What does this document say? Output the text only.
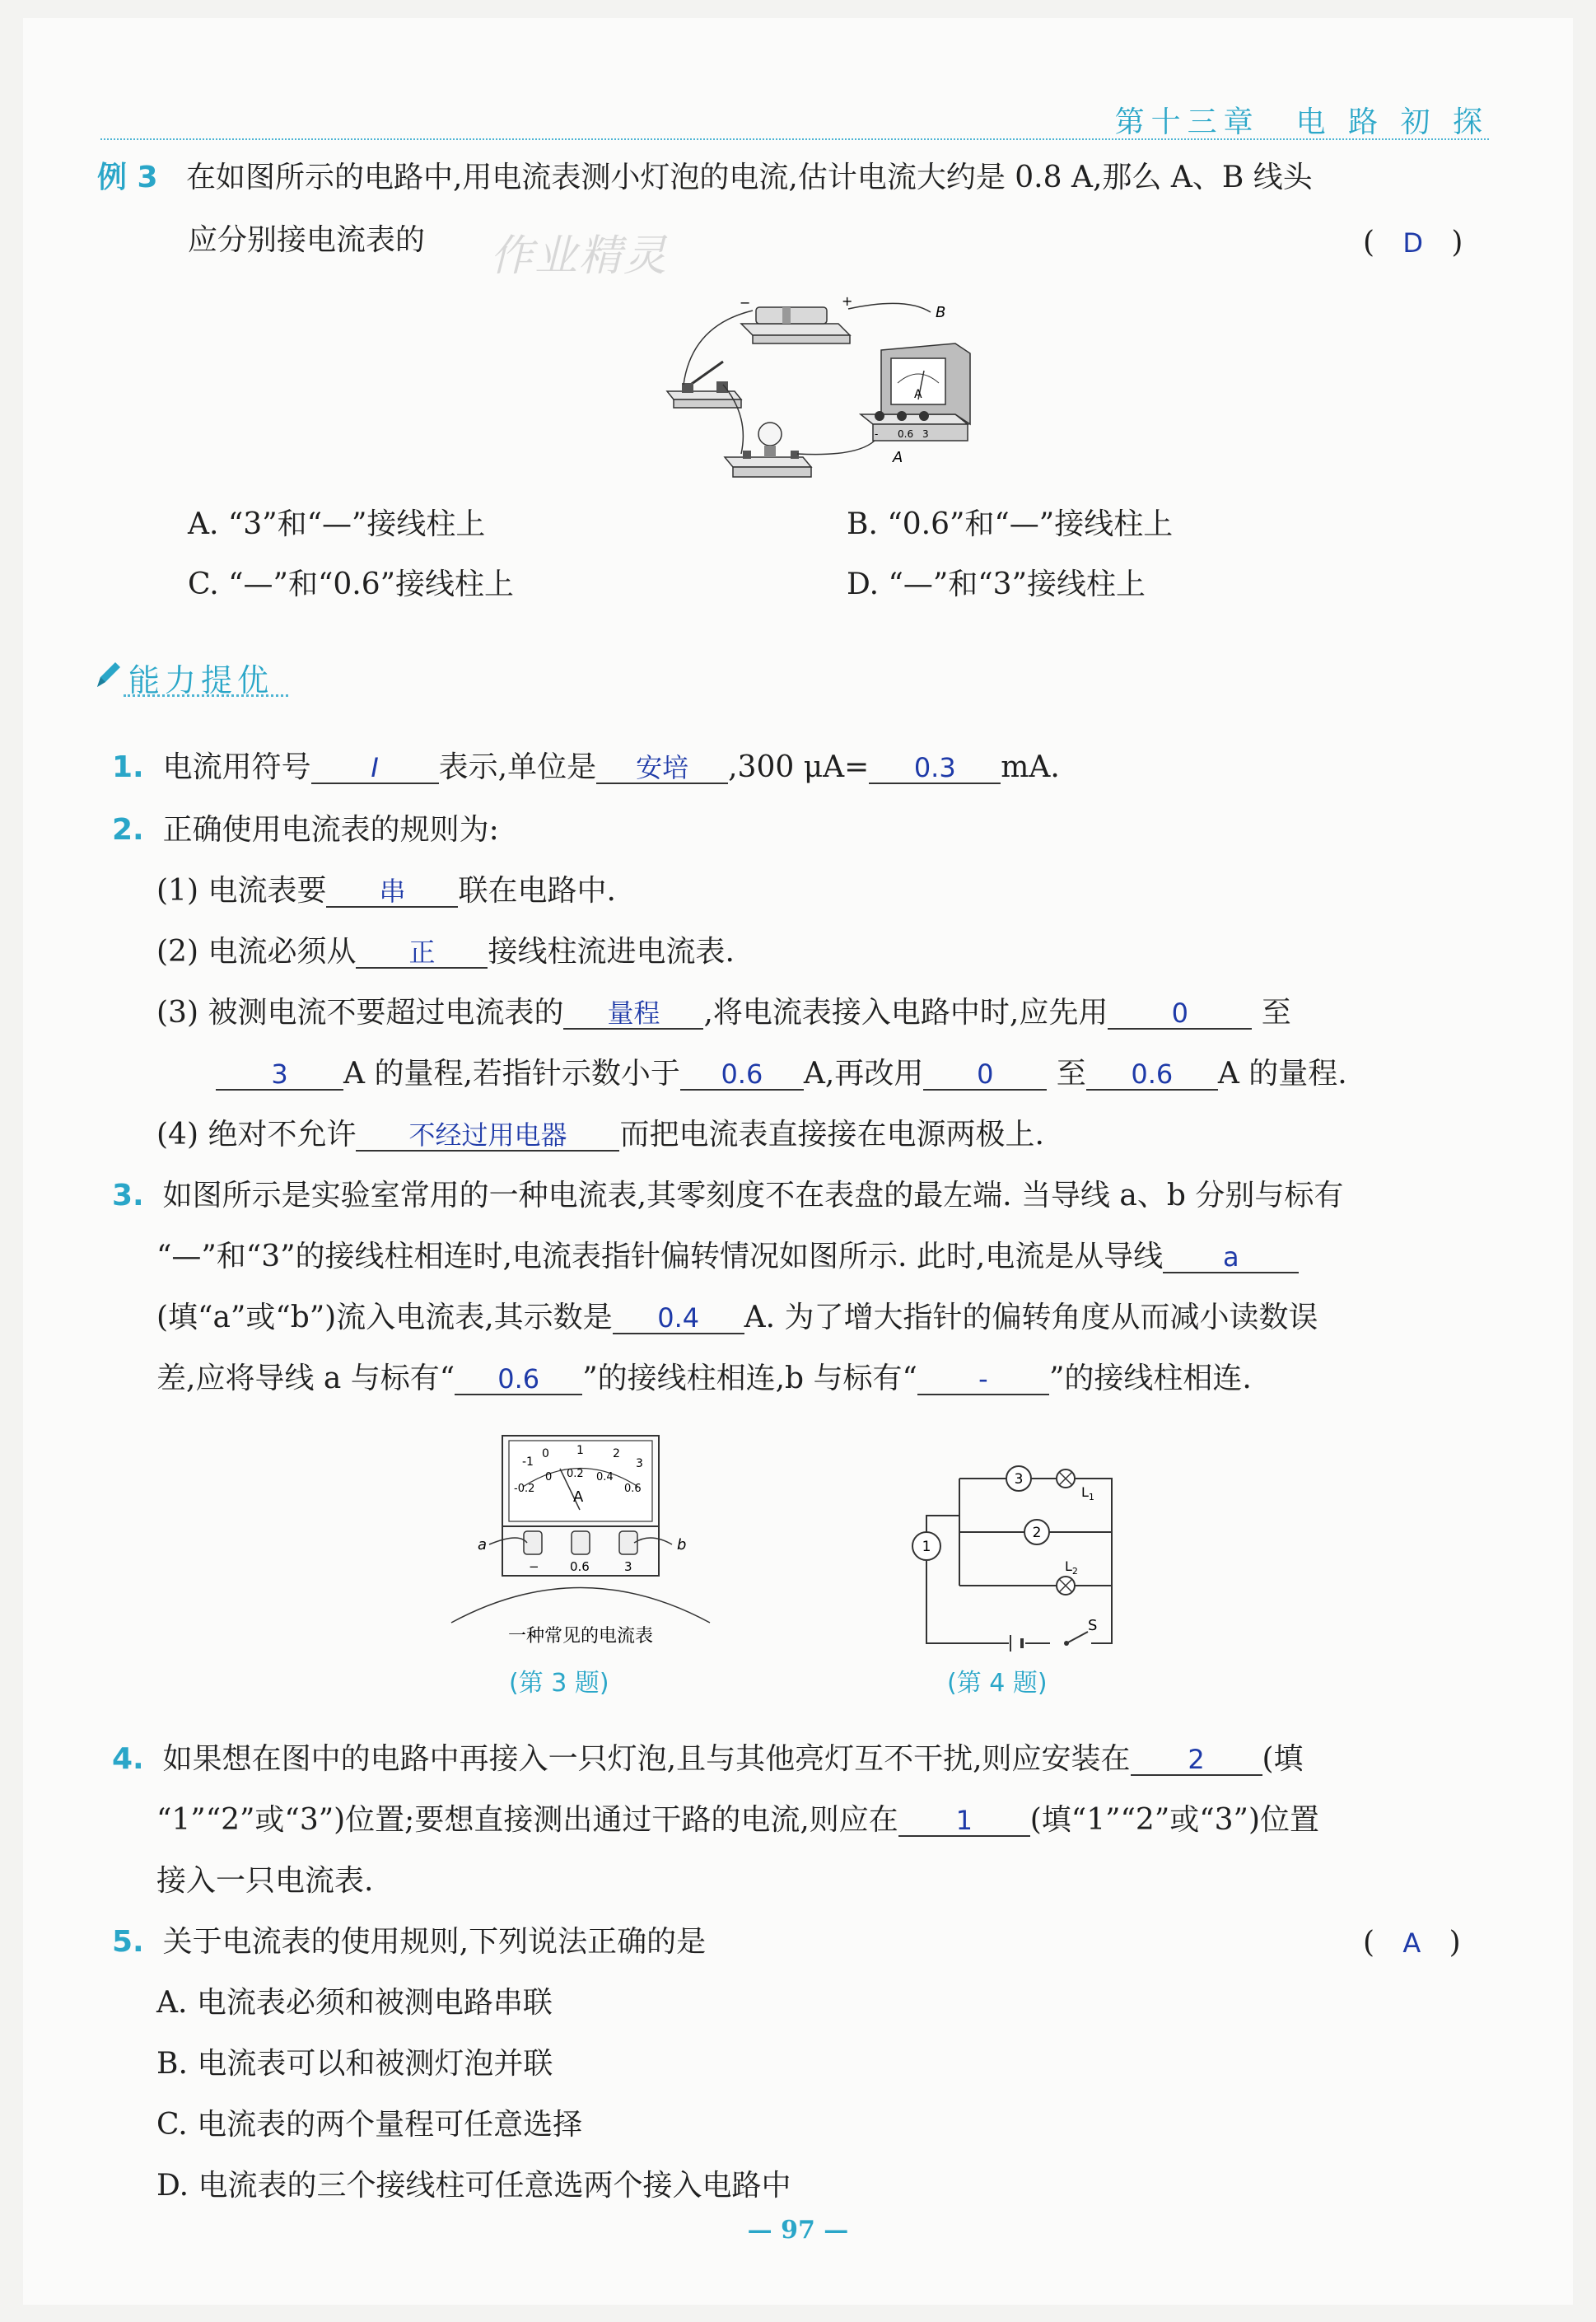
第十三章　电 路 初 探
例 3 在如图所示的电路中,用电流表测小灯泡的电流,估计电流大约是 0.8 A,那么 A、B 线头
应分别接电流表的 作业精灵	(   D   )
−	+
A
- 0.6 3
B
A
A. “3”和“—”接线柱上	B. “0.6”和“—”接线柱上
C. “—”和“0.6”接线柱上	D. “—”和“3”接线柱上
能力提优
1. 电流用符号 I 表示,单位是 安培 ,300 μA= 0.3 mA.
2. 正确使用电流表的规则为:
(1) 电流表要 串 联在电路中.
(2) 电流必须从 正 接线柱流进电流表.
(3) 被测电流不要超过电流表的 量程 ,将电流表接入电路中时,应先用 0 至
3 A 的量程,若指针示数小于 0.6 A,再改用 0 至 0.6 A 的量程.
(4) 绝对不允许 不经过用电器 而把电流表直接接在电源两极上.
3. 如图所示是实验室常用的一种电流表,其零刻度不在表盘的最左端. 当导线 a、b 分别与标有
“—”和“3”的接线柱相连时,电流表指针偏转情况如图所示. 此时,电流是从导线 a
(填“a”或“b”)流入电流表,其示数是 0.4 A. 为了增大指针的偏转角度从而减小读数误
差,应将导线 a 与标有“ 0.6 ”的接线柱相连,b 与标有“ - ”的接线柱相连.
-1
0 1	2
3
-0.2
0 0.2 0.4
0.6
A
a	b
− 0.6	3
一种常见的电流表
(第 3 题)
3
$L_1$
2
$L_2$
1
S
(第 4 题)
4. 如果想在图中的电路中再接入一只灯泡,且与其他亮灯互不干扰,则应安装在 2 (填
“1”“2”或“3”)位置;要想直接测出通过干路的电流,则应在 1 (填“1”“2”或“3”)位置
接入一只电流表.
5. 关于电流表的使用规则,下列说法正确的是	(   A   )
A. 电流表必须和被测电路串联
B. 电流表可以和被测灯泡并联
C. 电流表的两个量程可任意选择
D. 电流表的三个接线柱可任意选两个接入电路中
— 97 —
